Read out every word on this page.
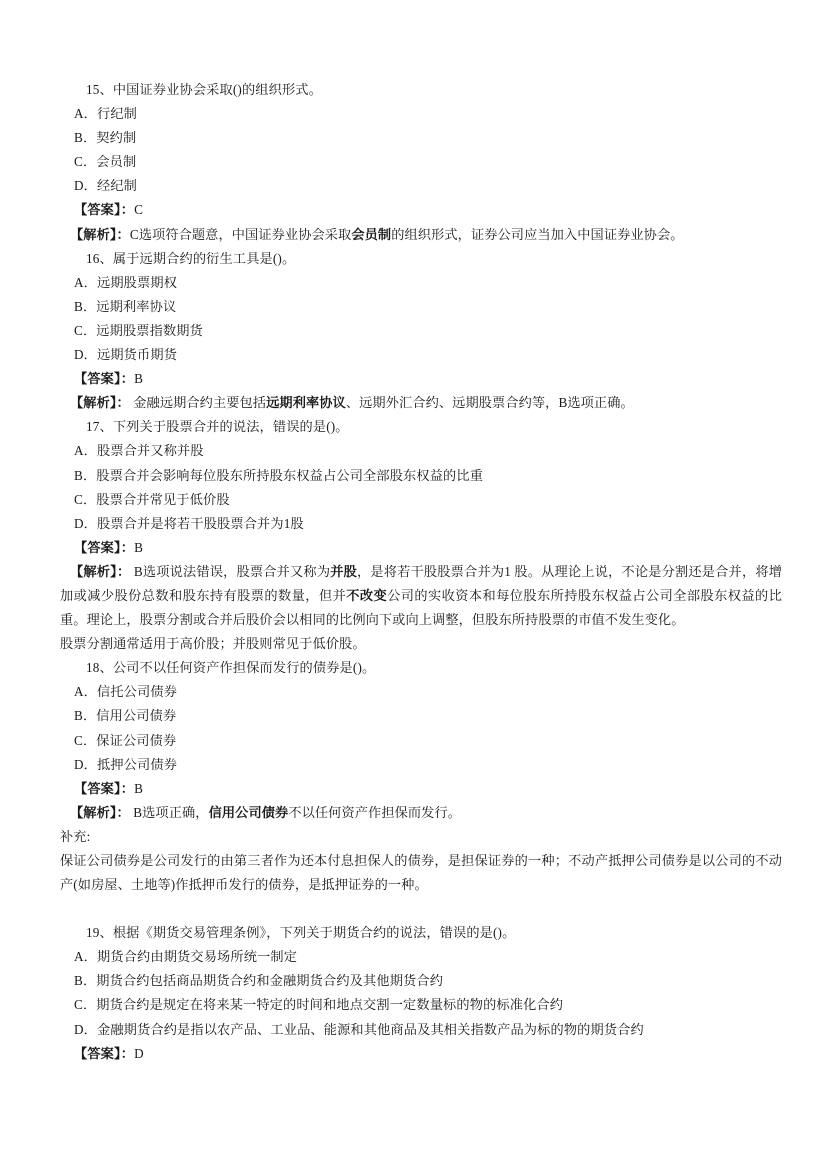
15、中国证券业协会采取()的组织形式。

A．行纪制

B．契约制

C．会员制

D．经纪制

【答案】：C

【解析】：C选项符合题意，中国证券业协会采取会员制的组织形式，证券公司应当加入中国证券业协会。

16、属于远期合约的衍生工具是()。

A．远期股票期权

B．远期利率协议

C．远期股票指数期货

D．远期货币期货

【答案】：B

【解析】： 金融远期合约主要包括远期利率协议、远期外汇合约、远期股票合约等，B选项正确。

17、下列关于股票合并的说法，错误的是()。

A．股票合并又称并股

B．股票合并会影响每位股东所持股东权益占公司全部股东权益的比重

C．股票合并常见于低价股

D．股票合并是将若干股股票合并为1股

【答案】：B

【解析】： B选项说法错误，股票合并又称为并股，是将若干股股票合并为1 股。从理论上说，不论是分割还是合并，将增加或减少股份总数和股东持有股票的数量，但并不改变公司的实收资本和每位股东所持股东权益占公司全部股东权益的比重。理论上，股票分割或合并后股价会以相同的比例向下或向上调整，但股东所持股票的市值不发生变化。

股票分割通常适用于高价股；并股则常见于低价股。

18、公司不以任何资产作担保而发行的债券是()。

A．信托公司债券

B．信用公司债券

C．保证公司债券

D．抵押公司债券

【答案】：B

【解析】： B选项正确，信用公司债券不以任何资产作担保而发行。

补充:

保证公司债券是公司发行的由第三者作为还本付息担保人的债券，是担保证券的一种；不动产抵押公司债券是以公司的不动产(如房屋、土地等)作抵押币发行的债券，是抵押证券的一种。

19、根据《期货交易管理条例》，下列关于期货合约的说法，错误的是()。

A．期货合约由期货交易场所统一制定

B．期货合约包括商品期货合约和金融期货合约及其他期货合约

C．期货合约是规定在将来某一特定的时间和地点交割一定数量标的物的标准化合约

D．金融期货合约是指以农产品、工业品、能源和其他商品及其相关指数产品为标的物的期货合约

【答案】：D
